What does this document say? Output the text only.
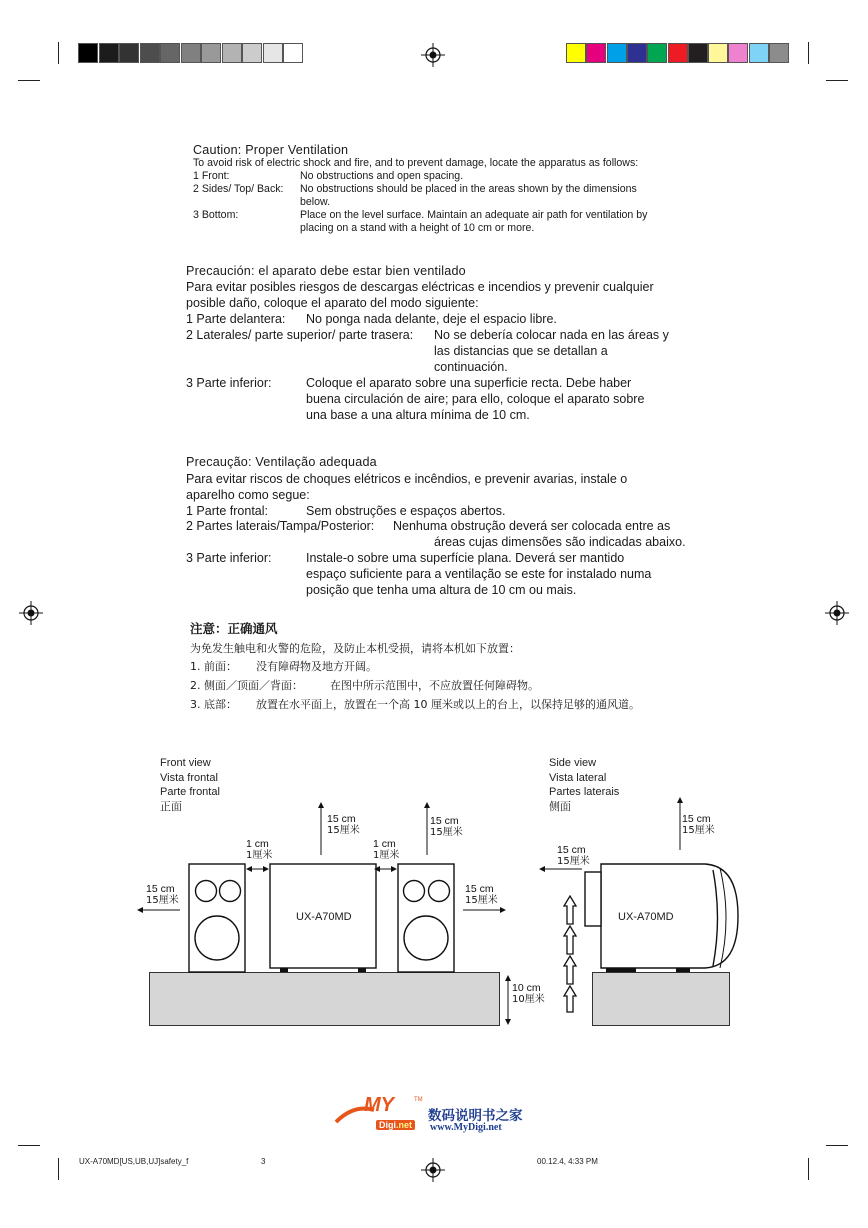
Caution: Proper Ventilation
To avoid risk of electric shock and fire, and to prevent damage, locate the apparatus as follows:
1 Front:	No obstructions and open spacing.
2 Sides/ Top/ Back: No obstructions should be placed in the areas shown by the dimensions
below.
3 Bottom:	Place on the level surface. Maintain an adequate air path for ventilation by
placing on a stand with a height of 10 cm or more.
Precaución: el aparato debe estar bien ventilado
Para evitar posibles riesgos de descargas eléctricas e incendios y prevenir cualquier
posible daño, coloque el aparato del modo siguiente:
1 Parte delantera: No ponga nada delante, deje el espacio libre.
2 Laterales/ parte superior/ parte trasera: No se debería colocar nada en las áreas y
las distancias que se detallan a
continuación.
3 Parte inferior:	Coloque el aparato sobre una superficie recta. Debe haber
buena circulación de aire; para ello, coloque el aparato sobre
una base a una altura mínima de 10 cm.
Precaução: Ventilação adequada
Para evitar riscos de choques elétricos e incêndios, e prevenir avarias, instale o
aparelho como segue:
1 Parte frontal:	Sem obstruções e espaços abertos.
2 Partes laterais/Tampa/Posterior: Nenhuma obstrução deverá ser colocada entre as
áreas cujas dimensões são indicadas abaixo.
3 Parte inferior:	Instale-o sobre uma superfície plana. Deverá ser mantido
espaço suficiente para a ventilação se este for instalado numa
posição que tenha uma altura de 10 cm ou mais.
注意：正确通风
为免发生触电和火警的危险，及防止本机受损，请将本机如下放置：
1. 前面： 没有障碍物及地方开阔。
2. 侧面／顶面／背面： 在图中所示范围中，不应放置任何障碍物。
3. 底部： 放置在水平面上，放置在一个高 10 厘米或以上的台上，以保持足够的通风道。
Front view
Vista frontal
Parte frontal
正面
Side view
Vista lateral
Partes laterais
侧面
UX-A70MD	UX-A70MD
15 cm
15厘米
15 cm
15厘米
1 cm
1厘米
1 cm
1厘米
15 cm
15厘米
15 cm
15厘米
10 cm
10厘米
15 cm
15厘米
15 cm
15厘米
MY	TM
Digi.net
数码说明书之家
www.MyDigi.net
UX-A70MD[US,UB,UJ]safety_f	3	00.12.4, 4:33 PM
